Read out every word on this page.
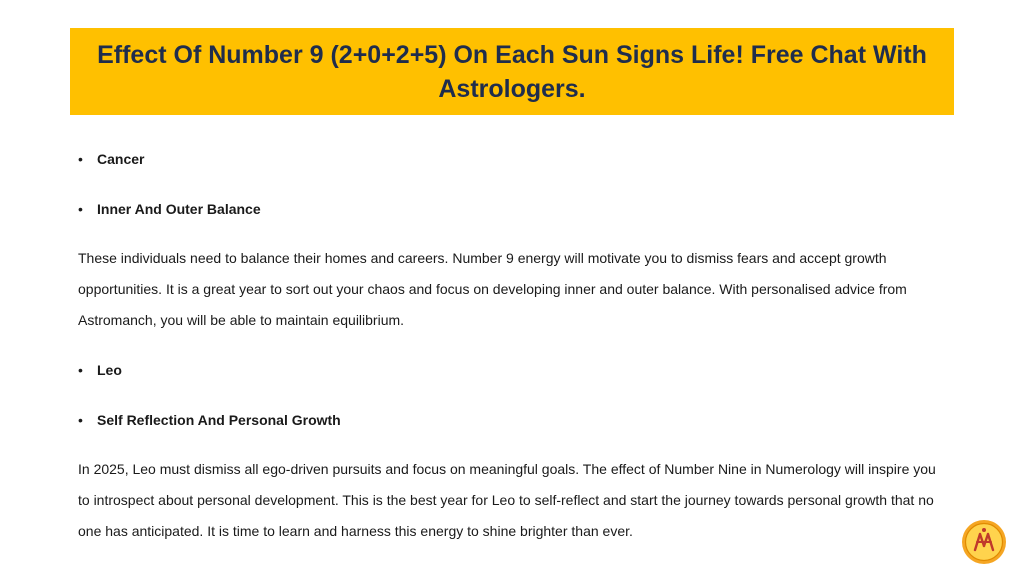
Effect Of Number 9 (2+0+2+5) On Each Sun Signs Life! Free Chat With Astrologers.
•	Cancer
•	Inner And Outer Balance

These individuals need to balance their homes and careers. Number 9 energy will motivate you to dismiss fears and accept growth opportunities. It is a great year to sort out your chaos and focus on developing inner and outer balance. With personalised advice from Astromanch, you will be able to maintain equilibrium.

•	Leo
•	Self Reflection And Personal Growth

In 2025, Leo must dismiss all ego-driven pursuits and focus on meaningful goals. The effect of Number Nine in Numerology will inspire you to introspect about personal development. This is the best year for Leo to self-reflect and start the journey towards personal growth that no one has anticipated. It is time to learn and harness this energy to shine brighter than ever.
